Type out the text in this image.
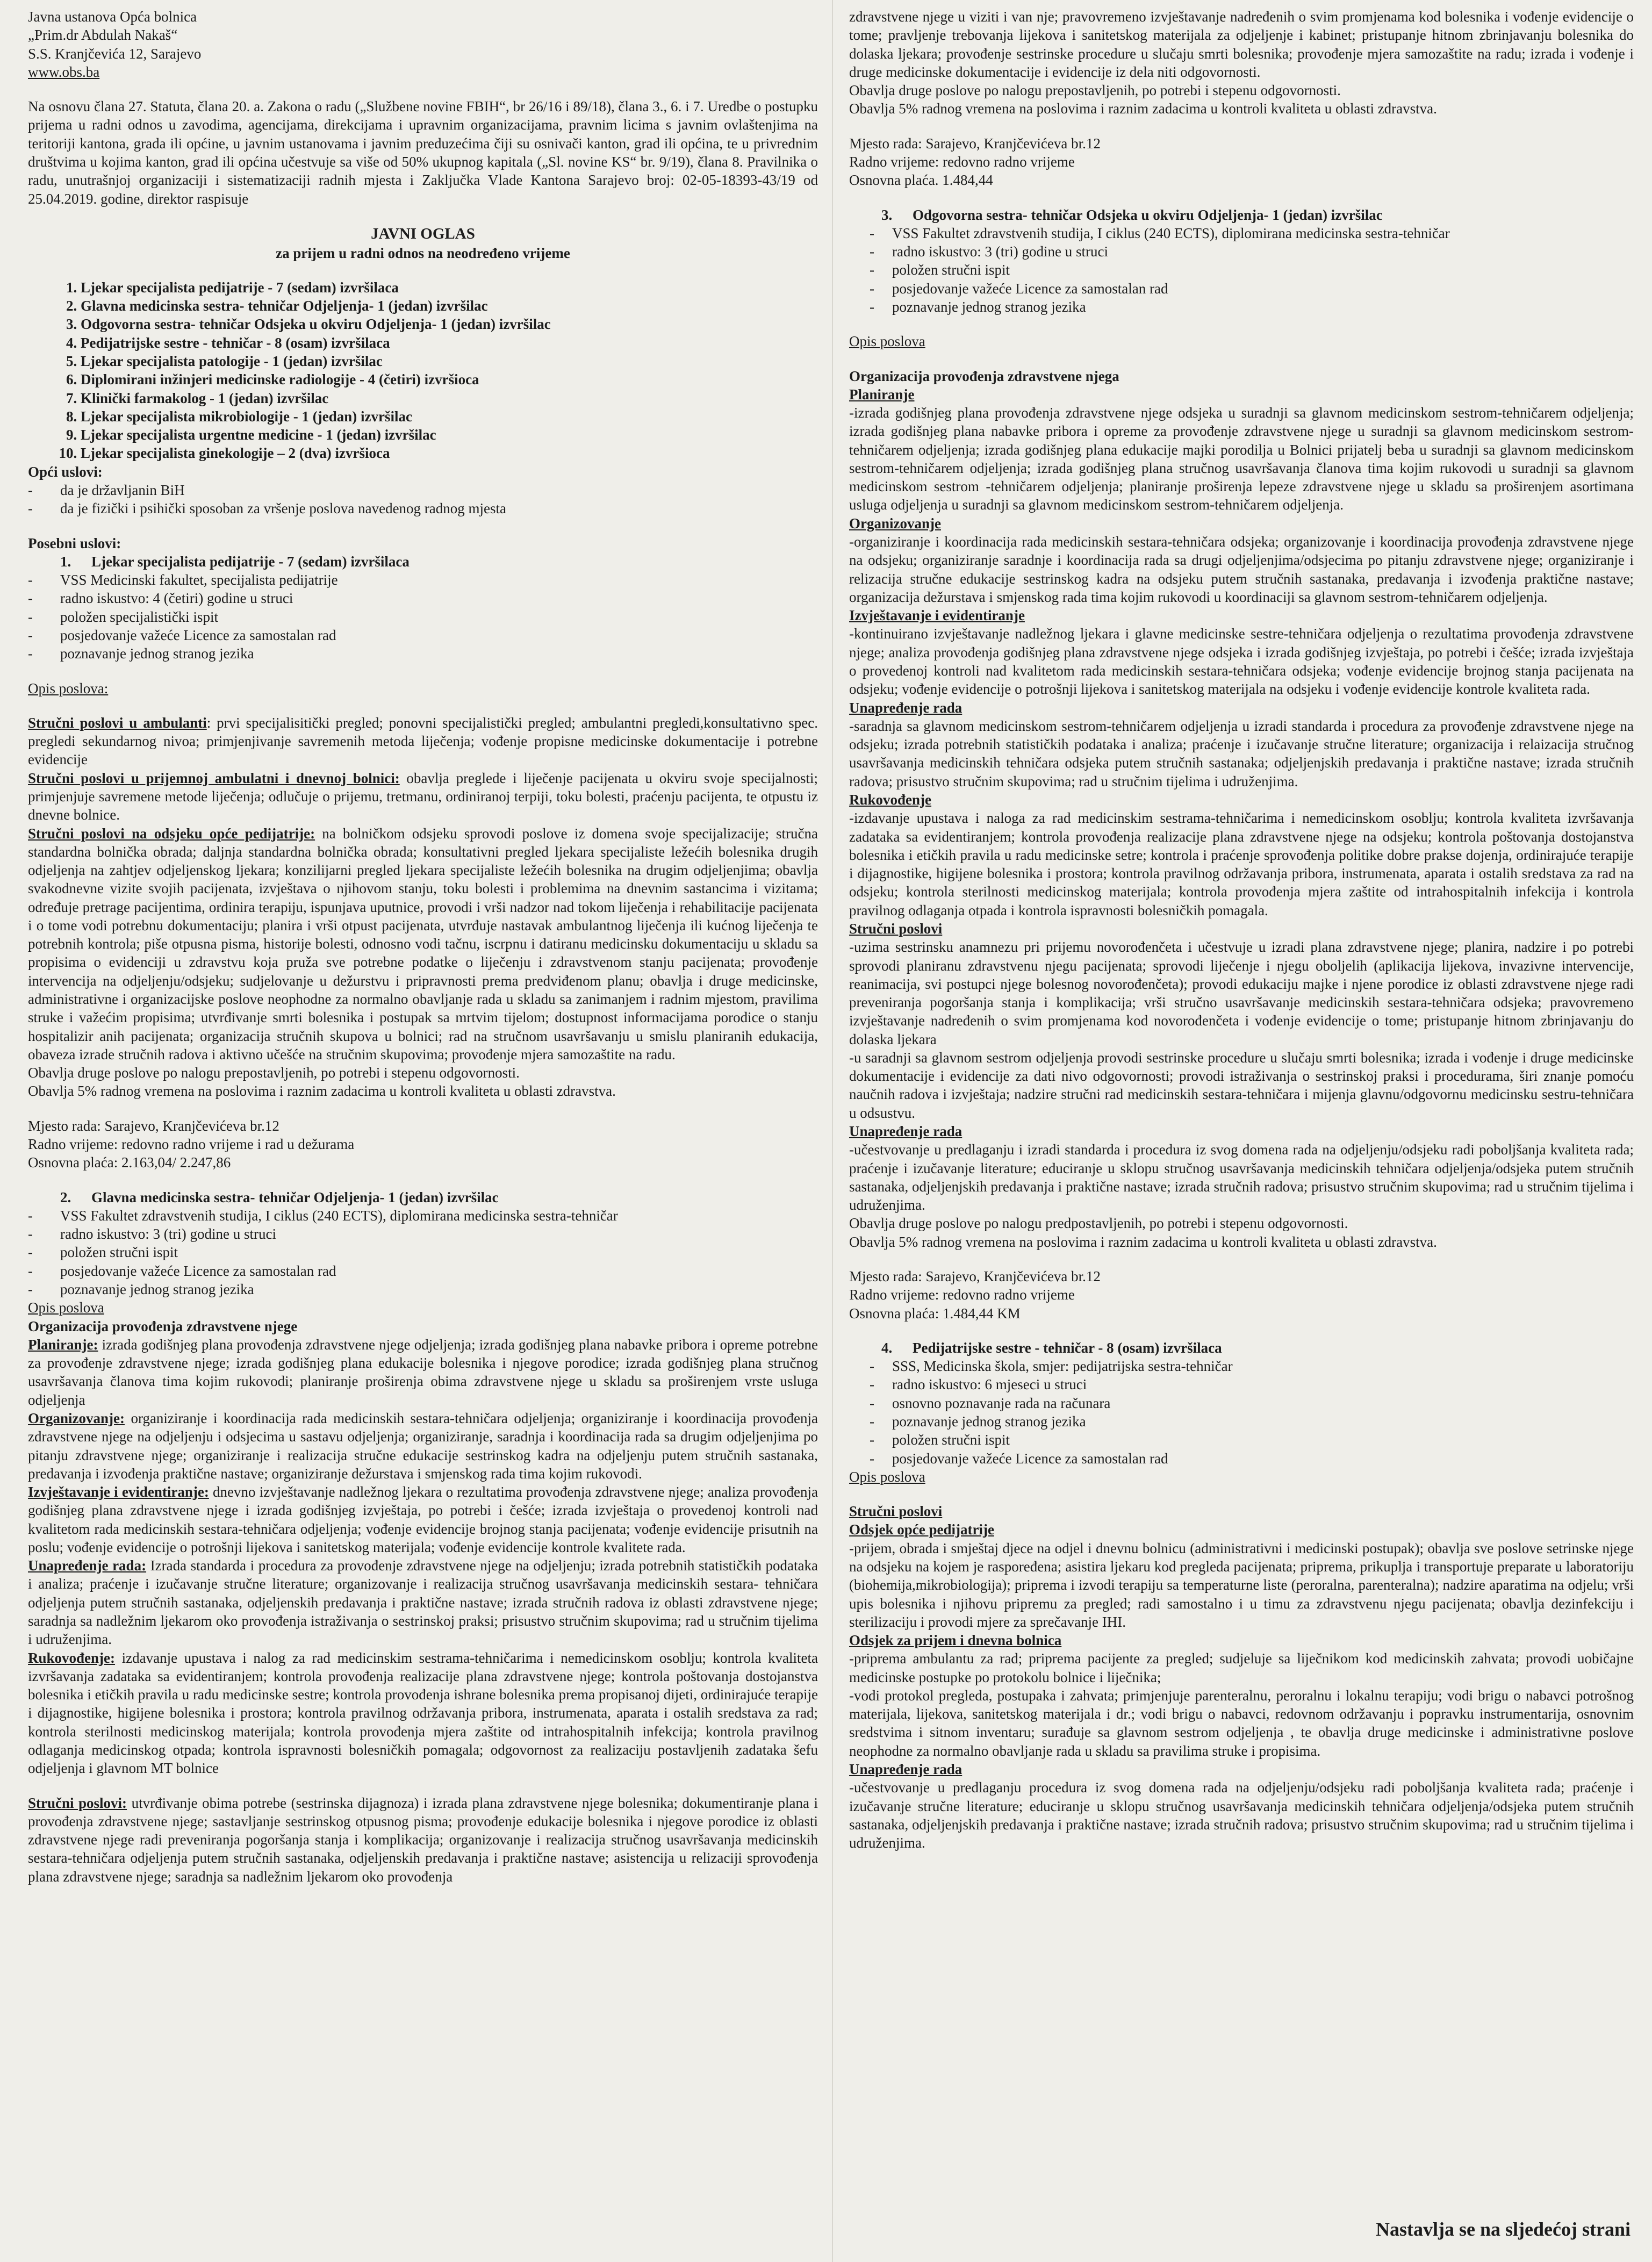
Javna ustanova Opća bolnica

„Prim.dr Abdulah Nakaš“

S.S. Kranjčevića 12, Sarajevo

www.obs.ba

Na osnovu člana 27. Statuta, člana 20. a. Zakona o radu („Službene novine FBIH“, br 26/16 i 89/18), člana 3., 6. i 7. Uredbe o postupku prijema u radni odnos u zavodima, agencijama, direkcijama i upravnim organizacijama, pravnim licima s javnim ovlaštenjima na teritoriji kantona, grada ili općine, u javnim ustanovama i javnim preduzećima čiji su osnivači kanton, grad ili općina, te u privrednim društvima u kojima kanton, grad ili općina učestvuje sa više od 50% ukupnog kapitala („Sl. novine KS“ br. 9/19), člana 8. Pravilnika o radu, unutrašnjoj organizaciji i sistematizaciji radnih mjesta i Zaključka Vlade Kantona Sarajevo broj: 02-05-18393-43/19 od 25.04.2019. godine, direktor raspisuje

JAVNI OGLAS

za prijem u radni odnos na neodređeno vrijeme

1. Ljekar specijalista pedijatrije - 7 (sedam) izvršilaca
2. Glavna medicinska sestra- tehničar Odjeljenja- 1 (jedan) izvršilac
3. Odgovorna sestra- tehničar Odsjeka u okviru Odjeljenja- 1 (jedan) izvršilac
4. Pedijatrijske sestre - tehničar - 8 (osam) izvršilaca
5. Ljekar specijalista patologije - 1 (jedan) izvršilac
6. Diplomirani inžinjeri medicinske radiologije - 4 (četiri) izvršioca
7. Klinički farmakolog - 1 (jedan) izvršilac
8. Ljekar specijalista mikrobiologije - 1 (jedan) izvršilac
9. Ljekar specijalista urgentne medicine - 1 (jedan) izvršilac
10. Ljekar specijalista ginekologije – 2 (dva) izvršioca

Opći uslovi:

- da je državljanin BiH
- da je fizički i psihički sposoban za vršenje poslova navedenog radnog mjesta

Posebni uslovi:

1. Ljekar specijalista pedijatrije - 7 (sedam) izvršilaca

- VSS Medicinski fakultet, specijalista pedijatrije
- radno iskustvo: 4 (četiri) godine u struci
- položen specijalistički ispit
- posjedovanje važeće Licence za samostalan rad
- poznavanje jednog stranog jezika

Opis poslova:

Stručni poslovi u ambulanti: prvi specijalisitički pregled; ponovni specijalistički pregled; ambulantni pregledi,konsultativno spec. pregledi sekundarnog nivoa; primjenjivanje savremenih metoda liječenja; vođenje propisne medicinske dokumentacije i potrebne evidencije

Stručni poslovi u prijemnoj ambulatni i dnevnoj bolnici: obavlja preglede i liječenje pacijenata u okviru svoje specijalnosti; primjenjuje savremene metode liječenja; odlučuje o prijemu, tretmanu, ordiniranoj terpiji, toku bolesti, praćenju pacijenta, te otpustu iz dnevne bolnice.

Stručni poslovi na odsjeku opće pedijatrije: na bolničkom odsjeku sprovodi poslove iz domena svoje specijalizacije; stručna standardna bolnička obrada; daljnja standardna bolnička obrada; konsultativni pregled ljekara specijaliste ležećih bolesnika drugih odjeljenja na zahtjev odjeljenskog ljekara; konzilijarni pregled ljekara specijaliste ležećih bolesnika na drugim odjeljenjima; obavlja svakodnevne vizite svojih pacijenata, izvještava o njihovom stanju, toku bolesti i problemima na dnevnim sastancima i vizitama; određuje pretrage pacijentima, ordinira terapiju, ispunjava uputnice, provodi i vrši nadzor nad tokom liječenja i rehabilitacije pacijenata i o tome vodi potrebnu dokumentaciju; planira i vrši otpust pacijenata, utvrđuje nastavak ambulantnog liječenja ili kućnog liječenja te potrebnih kontrola; piše otpusna pisma, historije bolesti, odnosno vodi tačnu, iscrpnu i datiranu medicinsku dokumentaciju u skladu sa propisima o evidenciji u zdravstvu koja pruža sve potrebne podatke o liječenju i zdravstvenom stanju pacijenata; provođenje intervencija na odjeljenju/odsjeku; sudjelovanje u dežurstvu i pripravnosti prema predviđenom planu; obavlja i druge medicinske, administrativne i organizacijske poslove neophodne za normalno obavljanje rada u skladu sa zanimanjem i radnim mjestom, pravilima struke i važećim propisima; utvrđivanje smrti bolesnika i postupak sa mrtvim tijelom; dostupnost informacijama porodice o stanju hospitalizir anih pacijenata; organizacija stručnih skupova u bolnici; rad na stručnom usavršavanju u smislu planiranih edukacija, obaveza izrade stručnih radova i aktivno učešće na stručnim skupovima; provođenje mjera samozaštite na radu.

Obavlja druge poslove po nalogu prepostavljenih, po potrebi i stepenu odgovornosti.

Obavlja 5% radnog vremena na poslovima i raznim zadacima u kontroli kvaliteta u oblasti zdravstva.

Mjesto rada: Sarajevo, Kranjčevićeva br.12

Radno vrijeme: redovno radno vrijeme i rad u dežurama

Osnovna plaća: 2.163,04/ 2.247,86

2. Glavna medicinska sestra- tehničar Odjeljenja- 1 (jedan) izvršilac

- VSS Fakultet zdravstvenih studija, I ciklus (240 ECTS), diplomirana medicinska sestra-tehničar
- radno iskustvo: 3 (tri) godine u struci
- položen stručni ispit
- posjedovanje važeće Licence za samostalan rad
- poznavanje jednog stranog jezika

Opis poslova

Organizacija provođenja zdravstvene njege

Planiranje: izrada godišnjeg plana provođenja zdravstvene njege odjeljenja; izrada godišnjeg plana nabavke pribora i opreme potrebne za provođenje zdravstvene njege; izrada godišnjeg plana edukacije bolesnika i njegove porodice; izrada godišnjeg plana stručnog usavršavanja članova tima kojim rukovodi; planiranje proširenja obima zdravstvene njege u skladu sa proširenjem vrste usluga odjeljenja

Organizovanje: organiziranje i koordinacija rada medicinskih sestara-tehničara odjeljenja; organiziranje i koordinacija provođenja zdravstvene njege na odjeljenju i odsjecima u sastavu odjeljenja; organiziranje, saradnja i koordinacija rada sa drugim odjeljenjima po pitanju zdravstvene njege; organiziranje i realizacija stručne edukacije sestrinskog kadra na odjeljenju putem stručnih sastanaka, predavanja i izvođenja praktične nastave; organiziranje dežurstava i smjenskog rada tima kojim rukovodi.

Izvještavanje i evidentiranje: dnevno izvještavanje nadležnog ljekara o rezultatima provođenja zdravstvene njege; analiza provođenja godišnjeg plana zdravstvene njege i izrada godišnjeg izvještaja, po potrebi i češće; izrada izvještaja o provedenoj kontroli nad kvalitetom rada medicinskih sestara-tehničara odjeljenja; vođenje evidencije brojnog stanja pacijenata; vođenje evidencije prisutnih na poslu; vođenje evidencije o potrošnji lijekova i sanitetskog materijala; vođenje evidencije kontrole kvalitete rada.

Unapređenje rada: Izrada standarda i procedura za provođenje zdravstvene njege na odjeljenju; izrada potrebnih statističkih podataka i analiza; praćenje i izučavanje stručne literature; organizovanje i realizacija stručnog usavršavanja medicinskih sestara- tehničara odjeljenja putem stručnih sastanaka, odjeljenskih predavanja i praktične nastave; izrada stručnih radova iz oblasti zdravstvene njege; saradnja sa nadležnim ljekarom oko provođenja istraživanja o sestrinskoj praksi; prisustvo stručnim skupovima; rad u stručnim tijelima i udruženjima.

Rukovođenje: izdavanje upustava i nalog za rad medicinskim sestrama-tehničarima i nemedicinskom osoblju; kontrola kvaliteta izvršavanja zadataka sa evidentiranjem; kontrola provođenja realizacije plana zdravstvene njege; kontrola poštovanja dostojanstva bolesnika i etičkih pravila u radu medicinske sestre; kontrola provođenja ishrane bolesnika prema propisanoj dijeti, ordinirajuće terapije i dijagnostike, higijene bolesnika i prostora; kontrola pravilnog održavanja pribora, instrumenata, aparata i ostalih sredstava za rad; kontrola sterilnosti medicinskog materijala; kontrola provođenja mjera zaštite od intrahospitalnih infekcija; kontrola pravilnog odlaganja medicinskog otpada; kontrola ispravnosti bolesničkih pomagala; odgovornost za realizaciju postavljenih zadataka šefu odjeljenja i glavnom MT bolnice

Stručni poslovi: utvrđivanje obima potrebe (sestrinska dijagnoza) i izrada plana zdravstvene njege bolesnika; dokumentiranje plana i provođenja zdravstvene njege; sastavljanje sestrinskog otpusnog pisma; provođenje edukacije bolesnika i njegove porodice iz oblasti zdravstvene njege radi preveniranja pogoršanja stanja i komplikacija; organizovanje i realizacija stručnog usavršavanja medicinskih sestara-tehničara odjeljenja putem stručnih sastanaka, odjeljenskih predavanja i praktične nastave; asistencija u relizaciji sprovođenja plana zdravstvene njege; saradnja sa nadležnim ljekarom oko provođenja

zdravstvene njege u viziti i van nje; pravovremeno izvještavanje nadređenih o svim promjenama kod bolesnika i vođenje evidencije o tome; pravljenje trebovanja lijekova i sanitetskog materijala za odjeljenje i kabinet; pristupanje hitnom zbrinjavanju bolesnika do dolaska ljekara; provođenje sestrinske procedure u slučaju smrti bolesnika; provođenje mjera samozaštite na radu; izrada i vođenje i druge medicinske dokumentacije i evidencije iz dela niti odgovornosti.

Obavlja druge poslove po nalogu prepostavljenih, po potrebi i stepenu odgovornosti.

Obavlja 5% radnog vremena na poslovima i raznim zadacima u kontroli kvaliteta u oblasti zdravstva.

Mjesto rada: Sarajevo, Kranjčevićeva br.12

Radno vrijeme: redovno radno vrijeme

Osnovna plaća. 1.484,44

3. Odgovorna sestra- tehničar Odsjeka u okviru Odjeljenja- 1 (jedan) izvršilac

- VSS Fakultet zdravstvenih studija, I ciklus (240 ECTS), diplomirana medicinska sestra-tehničar
- radno iskustvo: 3 (tri) godine u struci
- položen stručni ispit
- posjedovanje važeće Licence za samostalan rad
- poznavanje jednog stranog jezika

Opis poslova

Organizacija provođenja zdravstvene njega

Planiranje

-izrada godišnjeg plana provođenja zdravstvene njege odsjeka u suradnji sa glavnom medicinskom sestrom-tehničarem odjeljenja; izrada godišnjeg plana nabavke pribora i opreme za provođenje zdravstvene njege u suradnji sa glavnom medicinskom sestrom-tehničarem odjeljenja; izrada godišnjeg plana edukacije majki porodilja u Bolnici prijatelj beba u suradnji sa glavnom medicinskom sestrom-tehničarem odjeljenja; izrada godišnjeg plana stručnog usavršavanja članova tima kojim rukovodi u suradnji sa glavnom medicinskom sestrom -tehničarem odjeljenja; planiranje proširenja lepeze zdravstvene njege u skladu sa proširenjem asortimana usluga odjeljenja u suradnji sa glavnom medicinskom sestrom-tehničarem odjeljenja.

Organizovanje

-organiziranje i koordinacija rada medicinskih sestara-tehničara odsjeka; organizovanje i koordinacija provođenja zdravstvene njege na odsjeku; organiziranje saradnje i koordinacija rada sa drugi odjeljenjima/odsjecima po pitanju zdravstvene njege; organiziranje i relizacija stručne edukacije sestrinskog kadra na odsjeku putem stručnih sastanaka, predavanja i izvođenja praktične nastave; organizacija dežurstava i smjenskog rada tima kojim rukovodi u koordinaciji sa glavnom sestrom-tehničarem odjeljenja.

Izvještavanje i evidentiranje

-kontinuirano izvještavanje nadležnog ljekara i glavne medicinske sestre-tehničara odjeljenja o rezultatima provođenja zdravstvene njege; analiza provođenja godišnjeg plana zdravstvene njege odsjeka i izrada godišnjeg izvještaja, po potrebi i češće; izrada izvještaja o provedenoj kontroli nad kvalitetom rada medicinskih sestara-tehničara odsjeka; vođenje evidencije brojnog stanja pacijenata na odsjeku; vođenje evidencije o potrošnji lijekova i sanitetskog materijala na odsjeku i vođenje evidencije kontrole kvaliteta rada.

Unapređenje rada

-saradnja sa glavnom medicinskom sestrom-tehničarem odjeljenja u izradi standarda i procedura za provođenje zdravstvene njege na odsjeku; izrada potrebnih statističkih podataka i analiza; praćenje i izučavanje stručne literature; organizacija i relaizacija stručnog usavršavanja medicinskih tehničara odsjeka putem stručnih sastanaka; odjeljenjskih predavanja i praktične nastave; izrada stručnih radova; prisustvo stručnim skupovima; rad u stručnim tijelima i udruženjima.

Rukovođenje

-izdavanje upustava i naloga za rad medicinskim sestrama-tehničarima i nemedicinskom osoblju; kontrola kvaliteta izvršavanja zadataka sa evidentiranjem; kontrola provođenja realizacije plana zdravstvene njege na odsjeku; kontrola poštovanja dostojanstva bolesnika i etičkih pravila u radu medicinske setre; kontrola i praćenje sprovođenja politike dobre prakse dojenja, ordinirajuće terapije i dijagnostike, higijene bolesnika i prostora; kontrola pravilnog održavanja pribora, instrumenata, aparata i ostalih sredstava za rad na odsjeku; kontrola sterilnosti medicinskog materijala; kontrola provođenja mjera zaštite od intrahospitalnih infekcija i kontrola pravilnog odlaganja otpada i kontrola ispravnosti bolesničkih pomagala.

Stručni poslovi

-uzima sestrinsku anamnezu pri prijemu novorođenčeta i učestvuje u izradi plana zdravstvene njege; planira, nadzire i po potrebi sprovodi planiranu zdravstvenu njegu pacijenata; sprovodi liječenje i njegu oboljelih (aplikacija lijekova, invazivne intervencije, reanimacija, svi postupci njege bolesnog novorođenčeta); provodi edukaciju majke i njene porodice iz oblasti zdravstvene njege radi preveniranja pogoršanja stanja i komplikacija; vrši stručno usavršavanje medicinskih sestara-tehničara odsjeka; pravovremeno izvještavanje nadređenih o svim promjenama kod novorođenčeta i vođenje evidencije o tome; pristupanje hitnom zbrinjavanju do dolaska ljekara
-u saradnji sa glavnom sestrom odjeljenja provodi sestrinske procedure u slučaju smrti bolesnika; izrada i vođenje i druge medicinske dokumentacije i evidencije za dati nivo odgovornosti; provodi istraživanja o sestrinskoj praksi i procedurama, širi znanje pomoću naučnih radova i izvještaja; nadzire stručni rad medicinskih sestara-tehničara i mijenja glavnu/odgovornu medicinsku sestru-tehničara u odsustvu.

Unapređenje rada

-učestvovanje u predlaganju i izradi standarda i procedura iz svog domena rada na odjeljenju/odsjeku radi poboljšanja kvaliteta rada; praćenje i izučavanje literature; educiranje u sklopu stručnog usavršavanja medicinskih tehničara odjeljenja/odsjeka putem stručnih sastanaka, odjeljenjskih predavanja i praktične nastave; izrada stručnih radova; prisustvo stručnim skupovima; rad u stručnim tijelima i udruženjima.

Obavlja druge poslove po nalogu predpostavljenih, po potrebi i stepenu odgovornosti.

Obavlja 5% radnog vremena na poslovima i raznim zadacima u kontroli kvaliteta u oblasti zdravstva.

Mjesto rada: Sarajevo, Kranjčevićeva br.12

Radno vrijeme: redovno radno vrijeme

Osnovna plaća: 1.484,44 KM

4. Pedijatrijske sestre - tehničar - 8 (osam) izvršilaca

- SSS, Medicinska škola, smjer: pedijatrijska sestra-tehničar
- radno iskustvo: 6 mjeseci u struci
- osnovno poznavanje rada na računara
- poznavanje jednog stranog jezika
- položen stručni ispit
- posjedovanje važeće Licence za samostalan rad

Opis poslova

Stručni poslovi

Odsjek opće pedijatrije

-prijem, obrada i smještaj djece na odjel i dnevnu bolnicu (administrativni i medicinski postupak); obavlja sve poslove setrinske njege na odsjeku na kojem je raspoređena; asistira ljekaru kod pregleda pacijenata; priprema, prikuplja i transportuje preparate u laboratoriju (biohemija,mikrobiologija); priprema i izvodi terapiju sa temperaturne liste (peroralna, parenteralna); nadzire aparatima na odjelu; vrši upis bolesnika i njihovu pripremu za pregled; radi samostalno i u timu za zdravstvenu njegu pacijenata; obavlja dezinfekciju i sterilizaciju i provodi mjere za sprečavanje IHI.

Odsjek za prijem i dnevna bolnica

-priprema ambulantu za rad; priprema pacijente za pregled; sudjeluje sa liječnikom kod medicinskih zahvata; provodi uobičajne medicinske postupke po protokolu bolnice i liječnika;
-vodi protokol pregleda, postupaka i zahvata; primjenjuje parenteralnu, peroralnu i lokalnu terapiju; vodi brigu o nabavci potrošnog materijala, lijekova, sanitetskog materijala i dr.; vodi brigu o nabavci, redovnom održavanju i popravku instrumentarija, osnovnim sredstvima i sitnom inventaru; surađuje sa glavnom sestrom odjeljenja , te obavlja druge medicinske i administrativne poslove neophodne za normalno obavljanje rada u skladu sa pravilima struke i propisima.

Unapređenje rada

-učestvovanje u predlaganju procedura iz svog domena rada na odjeljenju/odsjeku radi poboljšanja kvaliteta rada; praćenje i izučavanje stručne literature; educiranje u sklopu stručnog usavršavanja medicinskih tehničara odjeljenja/odsjeka putem stručnih sastanaka, odjeljenjskih predavanja i praktične nastave; izrada stručnih radova; prisustvo stručnim skupovima; rad u stručnim tijelima i udruženjima.

Nastavlja se na sljedećoj strani
